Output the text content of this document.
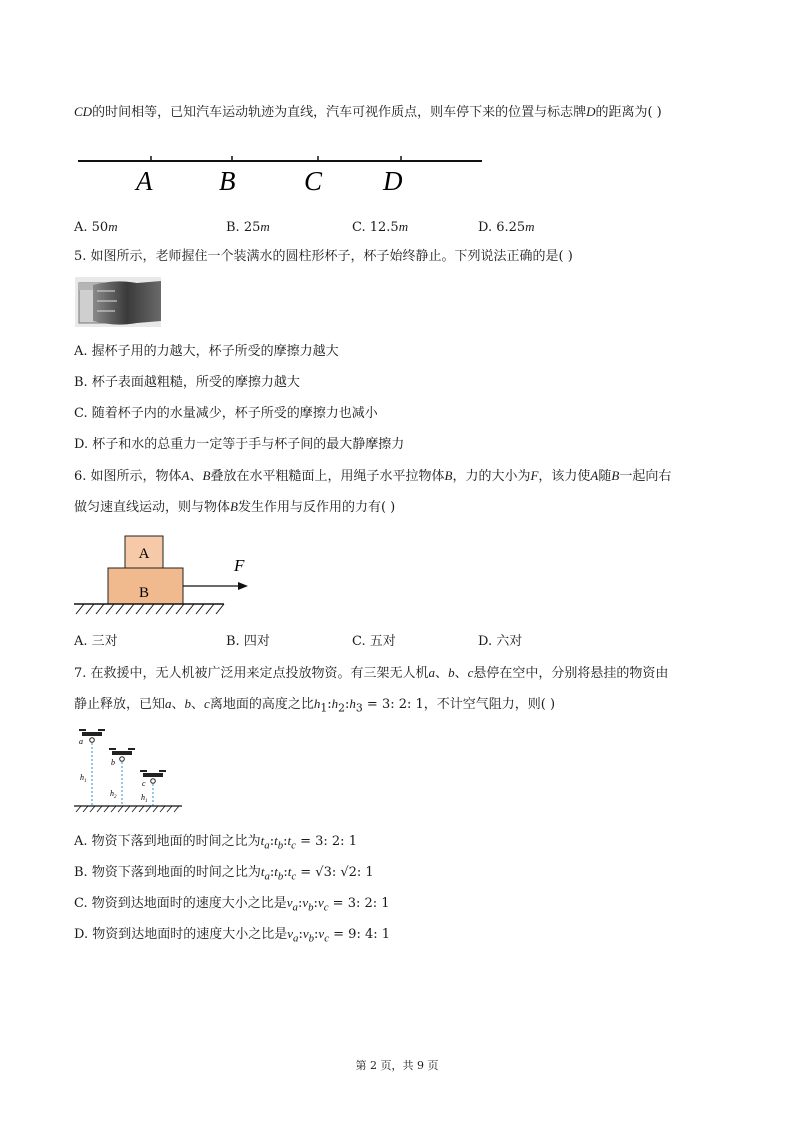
CD的时间相等，已知汽车运动轨迹为直线，汽车可视作质点，则车停下来的位置与标志牌D的距离为( )
A B	C D
A. 50m	B. 25m	C. 12.5m	D. 6.25m
5. 如图所示，老师握住一个装满水的圆柱形杯子，杯子始终静止。下列说法正确的是( )
A. 握杯子用的力越大，杯子所受的摩擦力越大
B. 杯子表面越粗糙，所受的摩擦力越大
C. 随着杯子内的水量减少，杯子所受的摩擦力也减小
D. 杯子和水的总重力一定等于手与杯子间的最大静摩擦力
6. 如图所示，物体A、B叠放在水平粗糙面上，用绳子水平拉物体B，力的大小为F，该力使A随B一起向右
做匀速直线运动，则与物体B发生作用与反作用的力有( )
A
B
F
A. 三对	B. 四对	C. 五对	D. 六对
7. 在救援中，无人机被广泛用来定点投放物资。有三架无人机a、b、c悬停在空中，分别将悬挂的物资由
静止释放，已知a、b、c离地面的高度之比$h_1:h_2:h_3 = 3$: 2: 1，不计空气阻力，则( )
a
$h_1$
b
$h_2$
c
$h_1$
A. 物资下落到地面的时间之比为$t_a:t_b:t_c = 3$: 2: 1
B. 物资下落到地面的时间之比为$t_a:t_b:t_c = √3$: √2: 1
C. 物资到达地面时的速度大小之比是$v_a:v_b:v_c = 3$: 2: 1
D. 物资到达地面时的速度大小之比是$v_a:v_b:v_c = 9$: 4: 1
第 2 页，共 9 页
